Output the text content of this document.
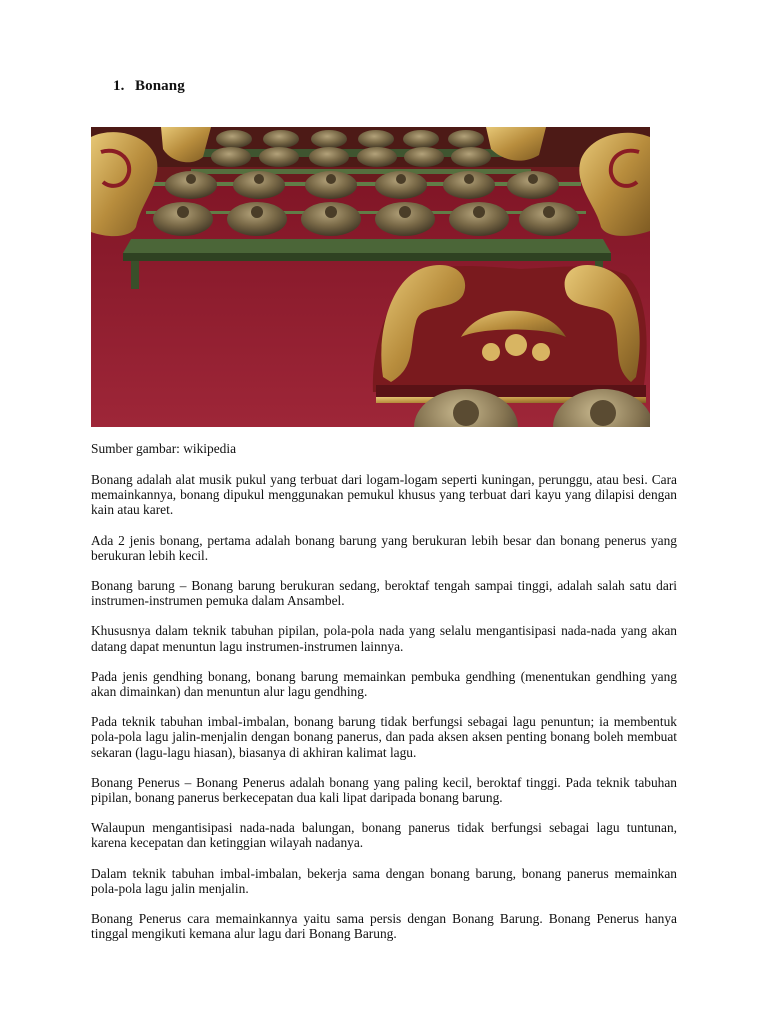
1. Bonang
Sumber gambar: wikipedia

Bonang adalah alat musik pukul yang terbuat dari logam-logam seperti kuningan, perunggu, atau besi. Cara memainkannya, bonang dipukul menggunakan pemukul khusus yang terbuat dari kayu yang dilapisi dengan kain atau karet.

Ada 2 jenis bonang, pertama adalah bonang barung yang berukuran lebih besar dan bonang penerus yang berukuran lebih kecil.

Bonang barung – Bonang barung berukuran sedang, beroktaf tengah sampai tinggi, adalah salah satu dari instrumen-instrumen pemuka dalam Ansambel.

Khususnya dalam teknik tabuhan pipilan, pola-pola nada yang selalu mengantisipasi nada-nada yang akan datang dapat menuntun lagu instrumen-instrumen lainnya.

Pada jenis gendhing bonang, bonang barung memainkan pembuka gendhing (menentukan gendhing yang akan dimainkan) dan menuntun alur lagu gendhing.

Pada teknik tabuhan imbal-imbalan, bonang barung tidak berfungsi sebagai lagu penuntun; ia membentuk pola-pola lagu jalin-menjalin dengan bonang panerus, dan pada aksen aksen penting bonang boleh membuat sekaran (lagu-lagu hiasan), biasanya di akhiran kalimat lagu.

Bonang Penerus – Bonang Penerus adalah bonang yang paling kecil, beroktaf tinggi. Pada teknik tabuhan pipilan, bonang panerus berkecepatan dua kali lipat daripada bonang barung.

Walaupun mengantisipasi nada-nada balungan, bonang panerus tidak berfungsi sebagai lagu tuntunan, karena kecepatan dan ketinggian wilayah nadanya.

Dalam teknik tabuhan imbal-imbalan, bekerja sama dengan bonang barung, bonang panerus memainkan pola-pola lagu jalin menjalin.

Bonang Penerus cara memainkannya yaitu sama persis dengan Bonang Barung. Bonang Penerus hanya tinggal mengikuti kemana alur lagu dari Bonang Barung.
